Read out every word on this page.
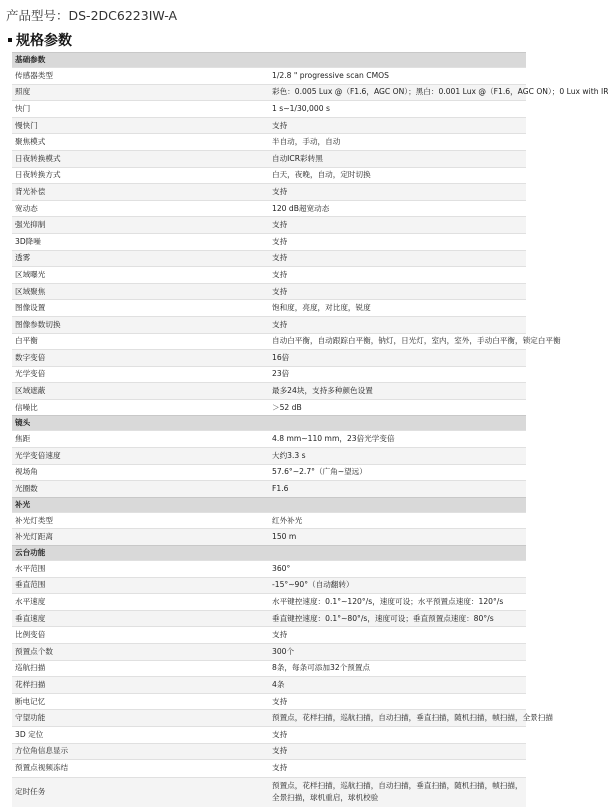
产品型号：DS-2DC6223IW-A
规格参数
基础参数	
传感器类型	1/2.8 " progressive scan CMOS
照度	彩色：0.005 Lux @（F1.6，AGC ON）；黑白：0.001 Lux @（F1.6，AGC ON）；0 Lux with IR
快门	1 s~1/30,000 s
慢快门	支持
聚焦模式	半自动，手动，自动
日夜转换模式	自动ICR彩转黑
日夜转换方式	白天，夜晚，自动，定时切换
背光补偿	支持
宽动态	120 dB超宽动态
强光抑制	支持
3D降噪	支持
透雾	支持
区域曝光	支持
区域聚焦	支持
图像设置	饱和度，亮度，对比度，锐度
图像参数切换	支持
白平衡	自动白平衡，自动跟踪白平衡，钠灯，日光灯，室内，室外，手动白平衡，锁定白平衡
数字变倍	16倍
光学变倍	23倍
区域遮蔽	最多24块，支持多种颜色设置
信噪比	＞52 dB
镜头	
焦距	4.8 mm~110 mm，23倍光学变倍
光学变倍速度	大约3.3 s
视场角	57.6°~2.7°（广角~望远）
光圈数	F1.6
补光	
补光灯类型	红外补光
补光灯距离	150 m
云台功能	
水平范围	360°
垂直范围	-15°~90°（自动翻转）
水平速度	水平键控速度：0.1°~120°/s，速度可设；水平预置点速度：120°/s
垂直速度	垂直键控速度：0.1°~80°/s，速度可设；垂直预置点速度：80°/s
比例变倍	支持
预置点个数	300个
巡航扫描	8条，每条可添加32个预置点
花样扫描	4条
断电记忆	支持
守望功能	预置点，花样扫描，巡航扫描，自动扫描，垂直扫描，随机扫描，帧扫描，全景扫描
3D 定位	支持
方位角信息显示	支持
预置点视频冻结	支持
定时任务	预置点，花样扫描，巡航扫描，自动扫描，垂直扫描，随机扫描，帧扫描，全景扫描，球机重启，球机校验
